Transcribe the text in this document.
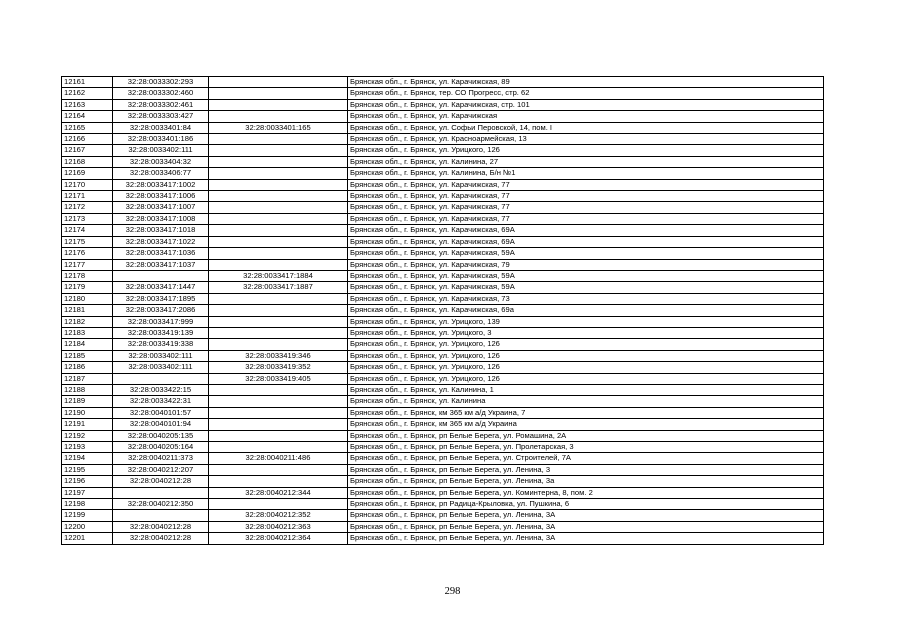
12161	32:28:0033302:293		Брянская обл., г. Брянск, ул. Карачижская, 89
12162	32:28:0033302:460		Брянская обл., г. Брянск, тер. СО Прогресс, стр. 62
12163	32:28:0033302:461		Брянская обл., г. Брянск, ул. Карачижская, стр. 101
12164	32:28:0033303:427		Брянская обл., г. Брянск, ул. Карачижская
12165	32:28:0033401:84	32:28:0033401:165	Брянская обл., г. Брянск, ул. Софьи Перовской, 14, пом. I
12166	32:28:0033401:186		Брянская обл., г. Брянск, ул. Красноармейская, 13
12167	32:28:0033402:111		Брянская обл., г. Брянск, ул. Урицкого, 126
12168	32:28:0033404:32		Брянская обл., г. Брянск, ул. Калинина, 27
12169	32:28:0033406:77		Брянская обл., г. Брянск, ул. Калинина, Б/н №1
12170	32:28:0033417:1002		Брянская обл., г. Брянск, ул. Карачижская, 77
12171	32:28:0033417:1006		Брянская обл., г. Брянск, ул. Карачижская, 77
12172	32:28:0033417:1007		Брянская обл., г. Брянск, ул. Карачижская, 77
12173	32:28:0033417:1008		Брянская обл., г. Брянск, ул. Карачижская, 77
12174	32:28:0033417:1018		Брянская обл., г. Брянск, ул. Карачижская, 69А
12175	32:28:0033417:1022		Брянская обл., г. Брянск, ул. Карачижская, 69А
12176	32:28:0033417:1036		Брянская обл., г. Брянск, ул. Карачижская, 59А
12177	32:28:0033417:1037		Брянская обл., г. Брянск, ул. Карачижская, 79
12178		32:28:0033417:1884	Брянская обл., г. Брянск, ул. Карачижская, 59А
12179	32:28:0033417:1447	32:28:0033417:1887	Брянская обл., г. Брянск, ул. Карачижская, 59А
12180	32:28:0033417:1895		Брянская обл., г. Брянск, ул. Карачижская, 73
12181	32:28:0033417:2086		Брянская обл., г. Брянск, ул. Карачижская, 69а
12182	32:28:0033417:999		Брянская обл., г. Брянск, ул. Урицкого, 139
12183	32:28:0033419:139		Брянская обл., г. Брянск, ул. Урицкого, 3
12184	32:28:0033419:338		Брянская обл., г. Брянск, ул. Урицкого, 126
12185	32:28:0033402:111	32:28:0033419:346	Брянская обл., г. Брянск, ул. Урицкого, 126
12186	32:28:0033402:111	32:28:0033419:352	Брянская обл., г. Брянск, ул. Урицкого, 126
12187		32:28:0033419:405	Брянская обл., г. Брянск, ул. Урицкого, 126
12188	32:28:0033422:15		Брянская обл., г. Брянск, ул. Калинина, 1
12189	32:28:0033422:31		Брянская обл., г. Брянск, ул. Калинина
12190	32:28:0040101:57		Брянская обл., г. Брянск, км 365 км а/д Украина, 7
12191	32:28:0040101:94		Брянская обл., г. Брянск, км 365 км а/д Украина
12192	32:28:0040205:135		Брянская обл., г. Брянск, рп Белые Берега, ул. Ромашина, 2А
12193	32:28:0040205:164		Брянская обл., г. Брянск, рп Белые Берега, ул. Пролетарская, 3
12194	32:28:0040211:373	32:28:0040211:486	Брянская обл., г. Брянск, рп Белые Берега, ул. Строителей, 7А
12195	32:28:0040212:207		Брянская обл., г. Брянск, рп Белые Берега, ул. Ленина, 3
12196	32:28:0040212:28		Брянская обл., г. Брянск, рп Белые Берега, ул. Ленина, 3а
12197		32:28:0040212:344	Брянская обл., г. Брянск, рп Белые Берега, ул. Коминтерна, 8, пом. 2
12198	32:28:0040212:350		Брянская обл., г. Брянск, рп Радица-Крыловка, ул. Пушкина, 6
12199		32:28:0040212:352	Брянская обл., г. Брянск, рп Белые Берега, ул. Ленина, 3А
12200	32:28:0040212:28	32:28:0040212:363	Брянская обл., г. Брянск, рп Белые Берега, ул. Ленина, 3А
12201	32:28:0040212:28	32:28:0040212:364	Брянская обл., г. Брянск, рп Белые Берега, ул. Ленина, 3А
298
